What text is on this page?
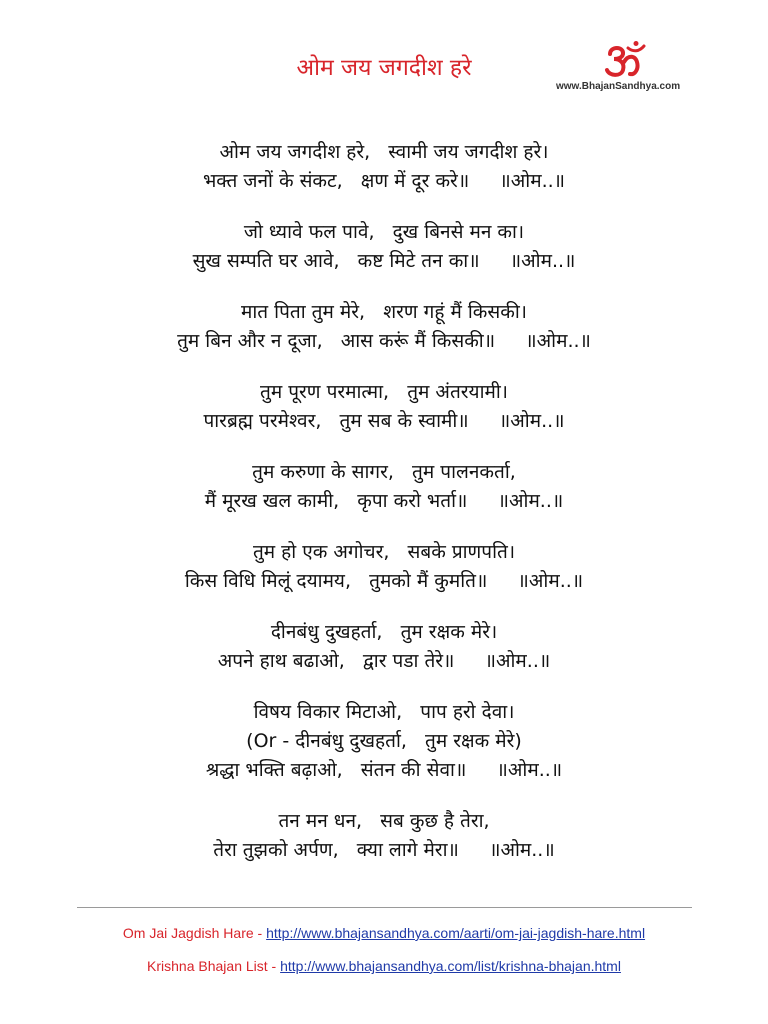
ओम जय जगदीश हरे
www.BhajanSandhya.com
ओम जय जगदीश हरे,   स्वामी जय जगदीश हरे।
भक्त जनों के संकट,   क्षण में दूर करे॥     ॥ओम..॥
जो ध्यावे फल पावे,   दुख बिनसे मन का।
सुख सम्पति घर आवे,   कष्ट मिटे तन का॥     ॥ओम..॥
मात पिता तुम मेरे,   शरण गहूं मैं किसकी।
तुम बिन और न दूजा,   आस करूं मैं किसकी॥     ॥ओम..॥
तुम पूरण परमात्मा,   तुम अंतरयामी।
पारब्रह्म परमेश्वर,   तुम सब के स्वामी॥     ॥ओम..॥
तुम करुणा के सागर,   तुम पालनकर्ता,
मैं मूरख खल कामी,   कृपा करो भर्ता॥     ॥ओम..॥
तुम हो एक अगोचर,   सबके प्राणपति।
किस विधि मिलूं दयामय,   तुमको मैं कुमति॥     ॥ओम..॥
दीनबंधु दुखहर्ता,   तुम रक्षक मेरे।
अपने हाथ बढाओ,   द्वार पडा तेरे॥     ॥ओम..॥
विषय विकार मिटाओ,   पाप हरो देवा।
(Or - दीनबंधु दुखहर्ता,   तुम रक्षक मेरे)
श्रद्धा भक्ति बढ़ाओ,   संतन की सेवा॥     ॥ओम..॥
तन मन धन,   सब कुछ है तेरा,
तेरा तुझको अर्पण,   क्या लागे मेरा॥     ॥ओम..॥
Om Jai Jagdish Hare - http://www.bhajansandhya.com/aarti/om-jai-jagdish-hare.html
Krishna Bhajan List - http://www.bhajansandhya.com/list/krishna-bhajan.html
